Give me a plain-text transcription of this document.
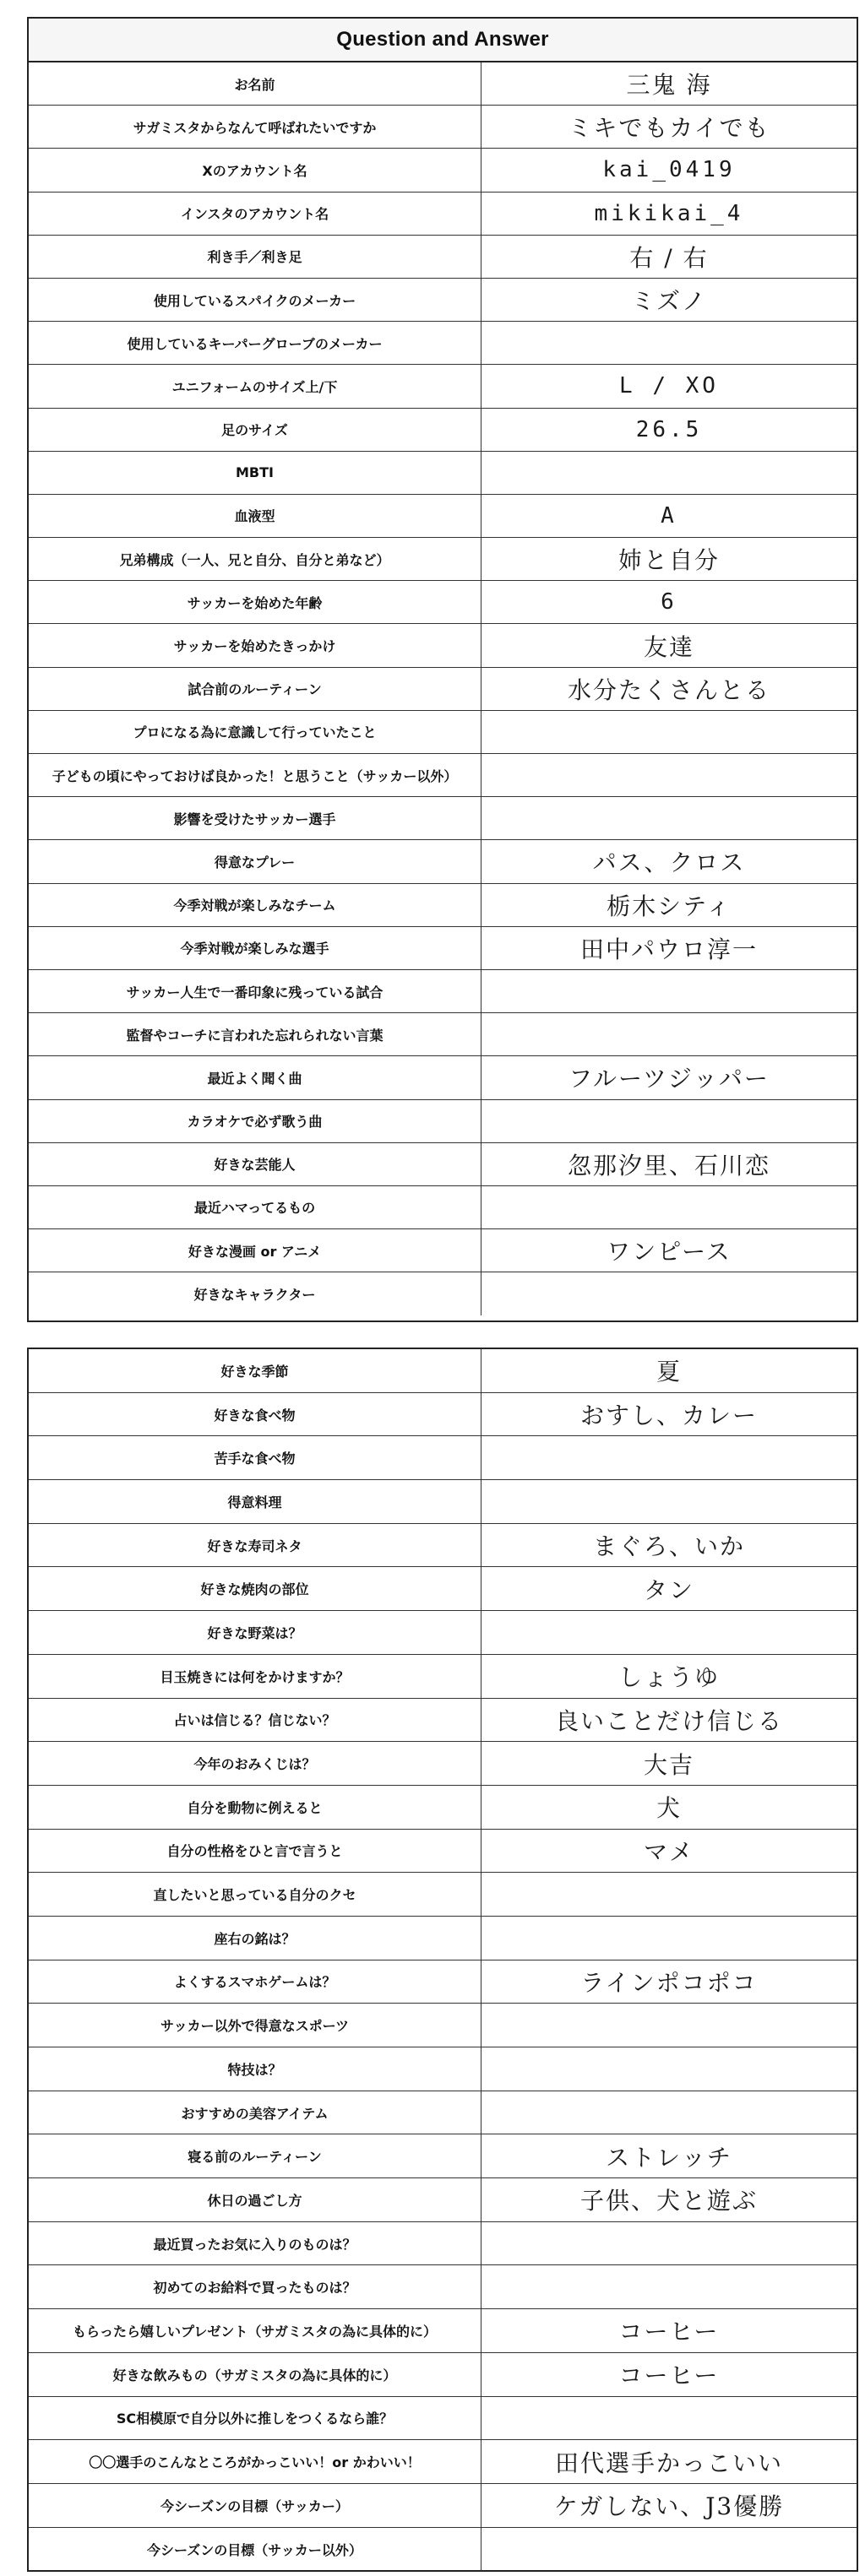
Question and Answer
お名前	三鬼 海
サガミスタからなんて呼ばれたいですか	ミキでもカイでも
Xのアカウント名	kai_0419
インスタのアカウント名	mikikai_4
利き手／利き足	右 / 右
使用しているスパイクのメーカー	ミズノ
使用しているキーパーグローブのメーカー
ユニフォームのサイズ上/下	L / XO
足のサイズ	26.5
MBTI
血液型	A
兄弟構成（一人、兄と自分、自分と弟など）	姉と自分
サッカーを始めた年齢	6
サッカーを始めたきっかけ	友達
試合前のルーティーン	水分たくさんとる
プロになる為に意識して行っていたこと
子どもの頃にやっておけば良かった！と思うこと（サッカー以外）
影響を受けたサッカー選手
得意なプレー	パス、クロス
今季対戦が楽しみなチーム	栃木シティ
今季対戦が楽しみな選手	田中パウロ淳一
サッカー人生で一番印象に残っている試合
監督やコーチに言われた忘れられない言葉
最近よく聞く曲	フルーツジッパー
カラオケで必ず歌う曲
好きな芸能人	忽那汐里、石川恋
最近ハマってるもの
好きな漫画 or アニメ	ワンピース
好きなキャラクター
好きな季節	夏
好きな食べ物	おすし、カレー
苦手な食べ物
得意料理
好きな寿司ネタ	まぐろ、いか
好きな焼肉の部位	タン
好きな野菜は？
目玉焼きには何をかけますか？	しょうゆ
占いは信じる？信じない？	良いことだけ信じる
今年のおみくじは？	大吉
自分を動物に例えると	犬
自分の性格をひと言で言うと	マメ
直したいと思っている自分のクセ
座右の銘は？
よくするスマホゲームは？	ラインポコポコ
サッカー以外で得意なスポーツ
特技は？
おすすめの美容アイテム
寝る前のルーティーン	ストレッチ
休日の過ごし方	子供、犬と遊ぶ
最近買ったお気に入りのものは？
初めてのお給料で買ったものは？
もらったら嬉しいプレゼント（サガミスタの為に具体的に）	コーヒー
好きな飲みもの（サガミスタの為に具体的に）	コーヒー
SC相模原で自分以外に推しをつくるなら誰？
〇〇選手のこんなところがかっこいい！or かわいい！	田代選手かっこいい
今シーズンの目標（サッカー）	ケガしない、J3優勝
今シーズンの目標（サッカー以外）
